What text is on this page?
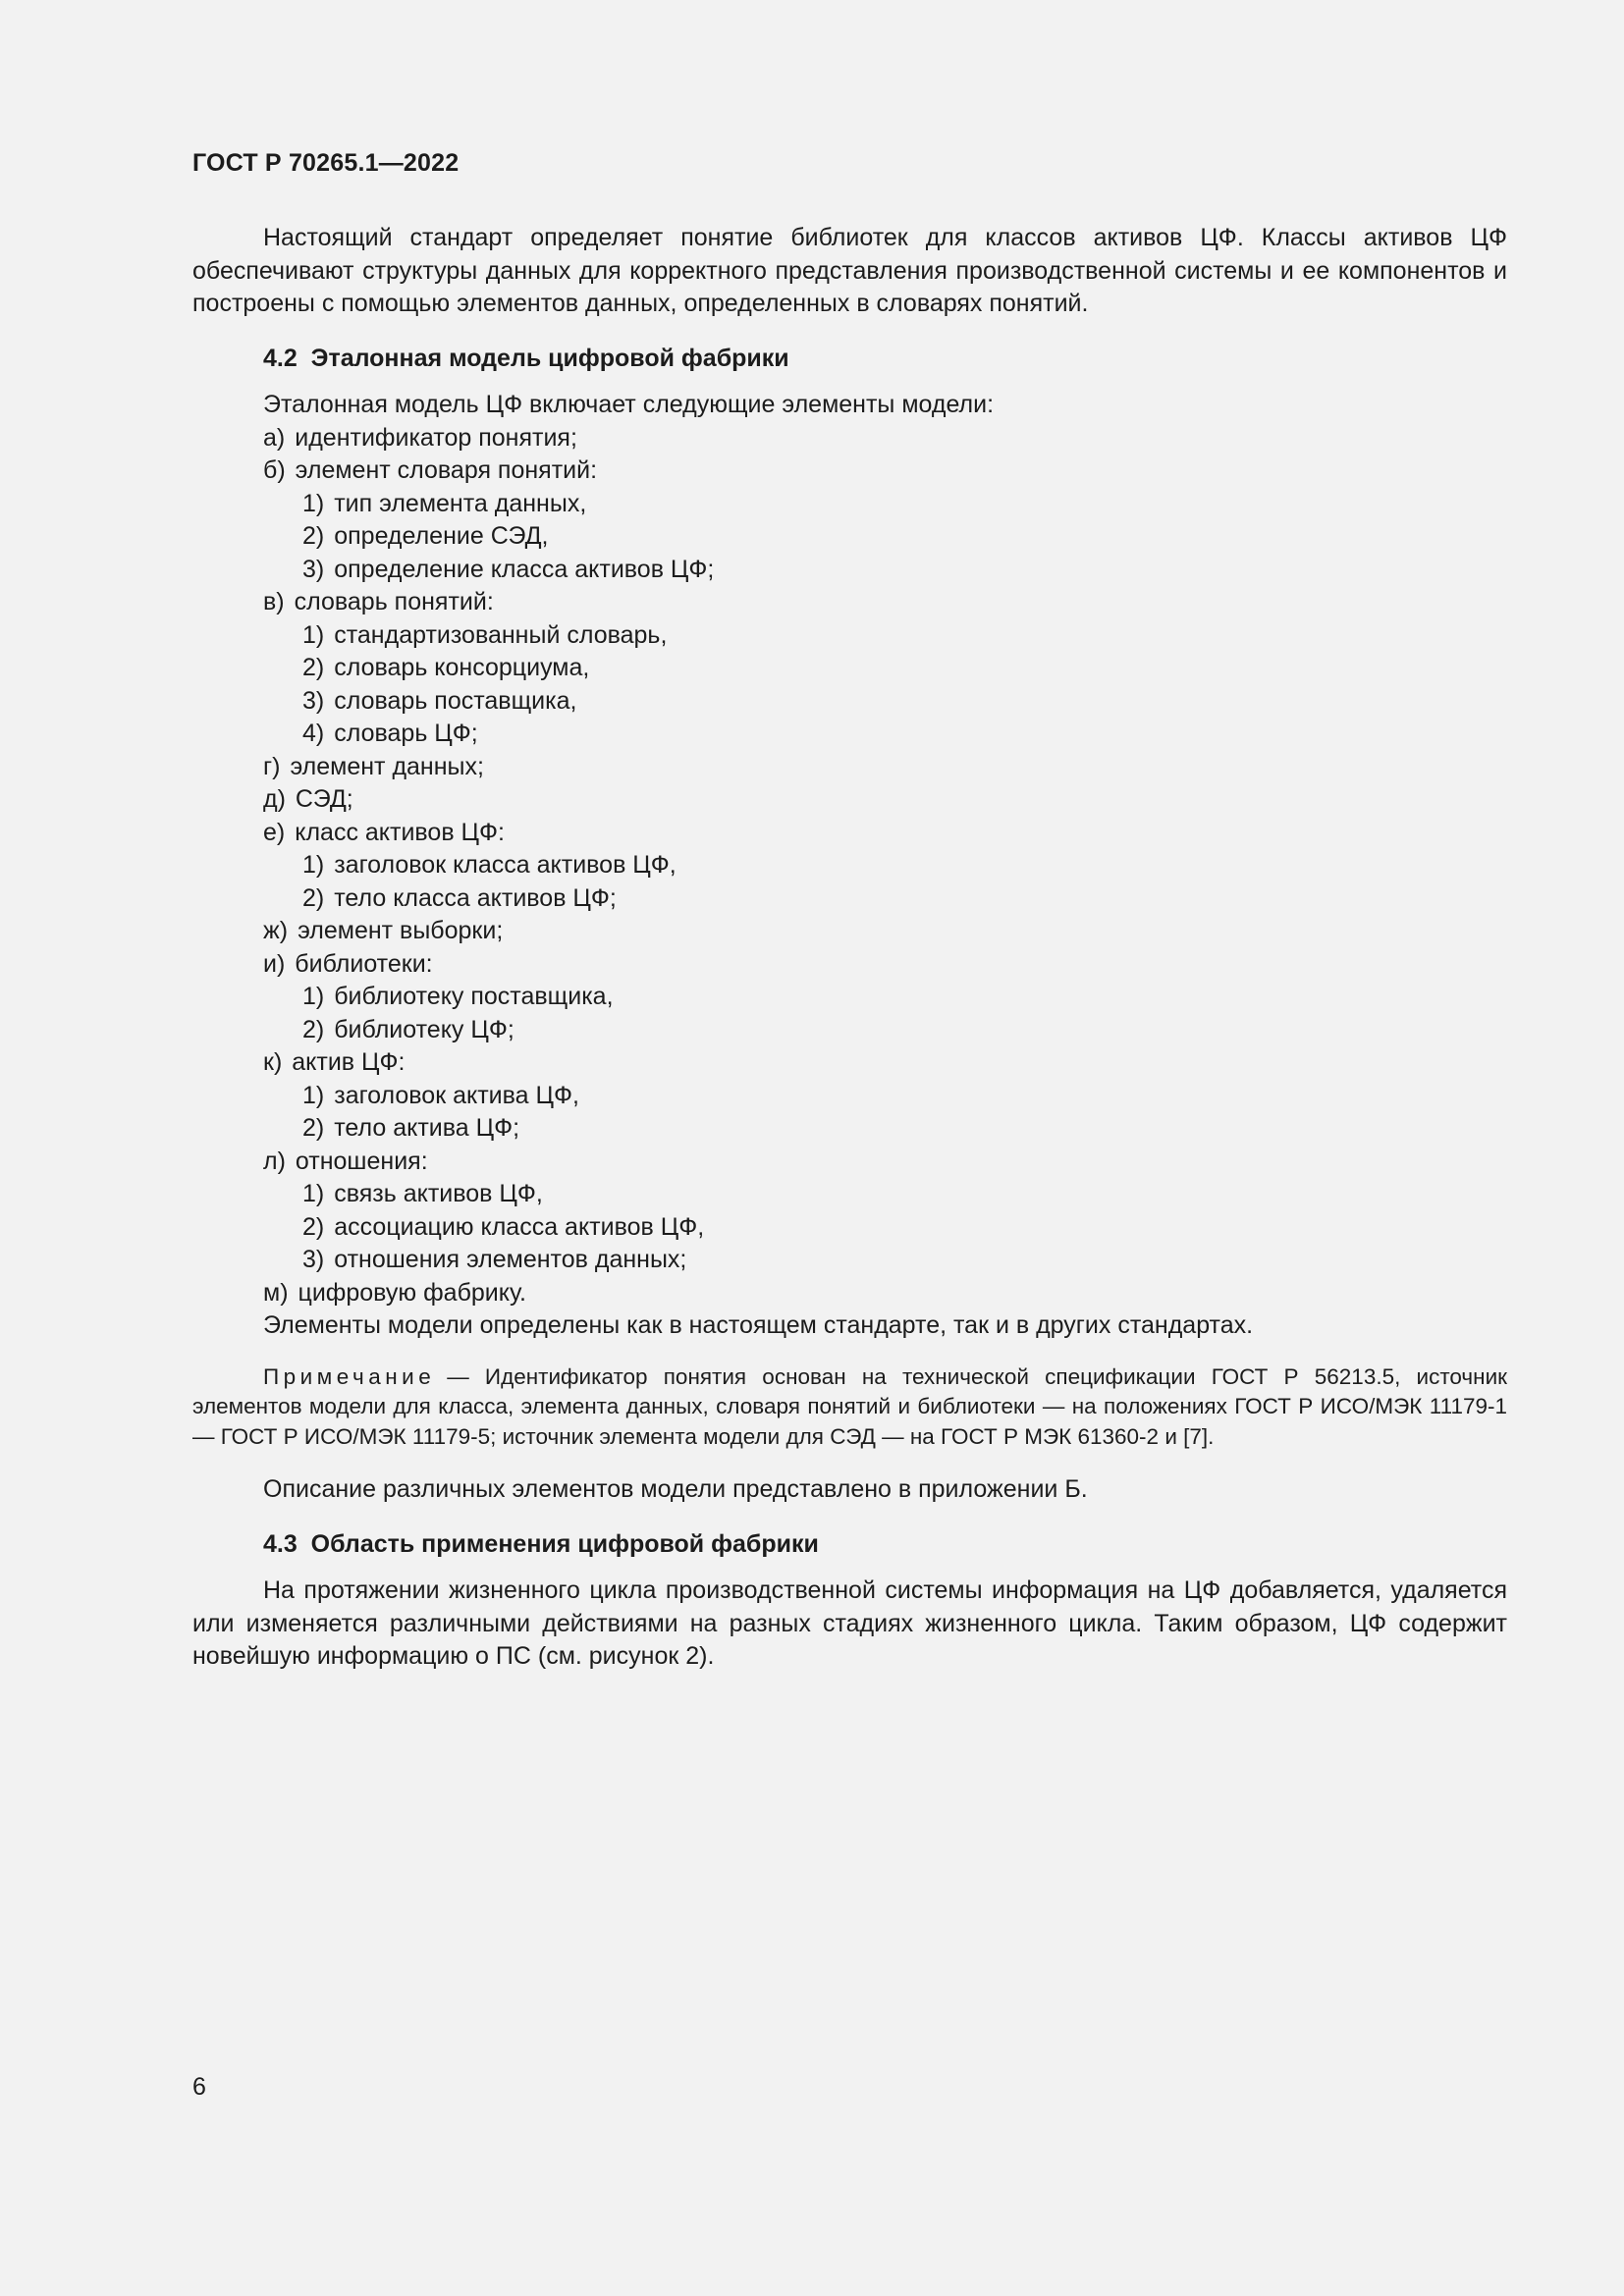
ГОСТ Р 70265.1—2022

Настоящий стандарт определяет понятие библиотек для классов активов ЦФ. Классы активов ЦФ обеспечивают структуры данных для корректного представления производственной системы и ее компонентов и построены с помощью элементов данных, определенных в словарях понятий.

4.2 Эталонная модель цифровой фабрики
Эталонная модель ЦФ включает следующие элементы модели:
а) идентификатор понятия;
б) элемент словаря понятий:
1) тип элемента данных,
2) определение СЭД,
3) определение класса активов ЦФ;
в) словарь понятий:
1) стандартизованный словарь,
2) словарь консорциума,
3) словарь поставщика,
4) словарь ЦФ;
г) элемент данных;
д) СЭД;
е) класс активов ЦФ:
1) заголовок класса активов ЦФ,
2) тело класса активов ЦФ;
ж) элемент выборки;
и) библиотеки:
1) библиотеку поставщика,
2) библиотеку ЦФ;
к) актив ЦФ:
1) заголовок актива ЦФ,
2) тело актива ЦФ;
л) отношения:
1) связь активов ЦФ,
2) ассоциацию класса активов ЦФ,
3) отношения элементов данных;
м) цифровую фабрику.
Элементы модели определены как в настоящем стандарте, так и в других стандартах.

Примечание — Идентификатор понятия основан на технической спецификации ГОСТ Р 56213.5, источник элементов модели для класса, элемента данных, словаря понятий и библиотеки — на положениях ГОСТ Р ИСО/МЭК 11179-1 — ГОСТ Р ИСО/МЭК 11179-5; источник элемента модели для СЭД — на ГОСТ Р МЭК 61360-2 и [7].

Описание различных элементов модели представлено в приложении Б.

4.3 Область применения цифровой фабрики

На протяжении жизненного цикла производственной системы информация на ЦФ добавляется, удаляется или изменяется различными действиями на разных стадиях жизненного цикла. Таким образом, ЦФ содержит новейшую информацию о ПС (см. рисунок 2).

6
